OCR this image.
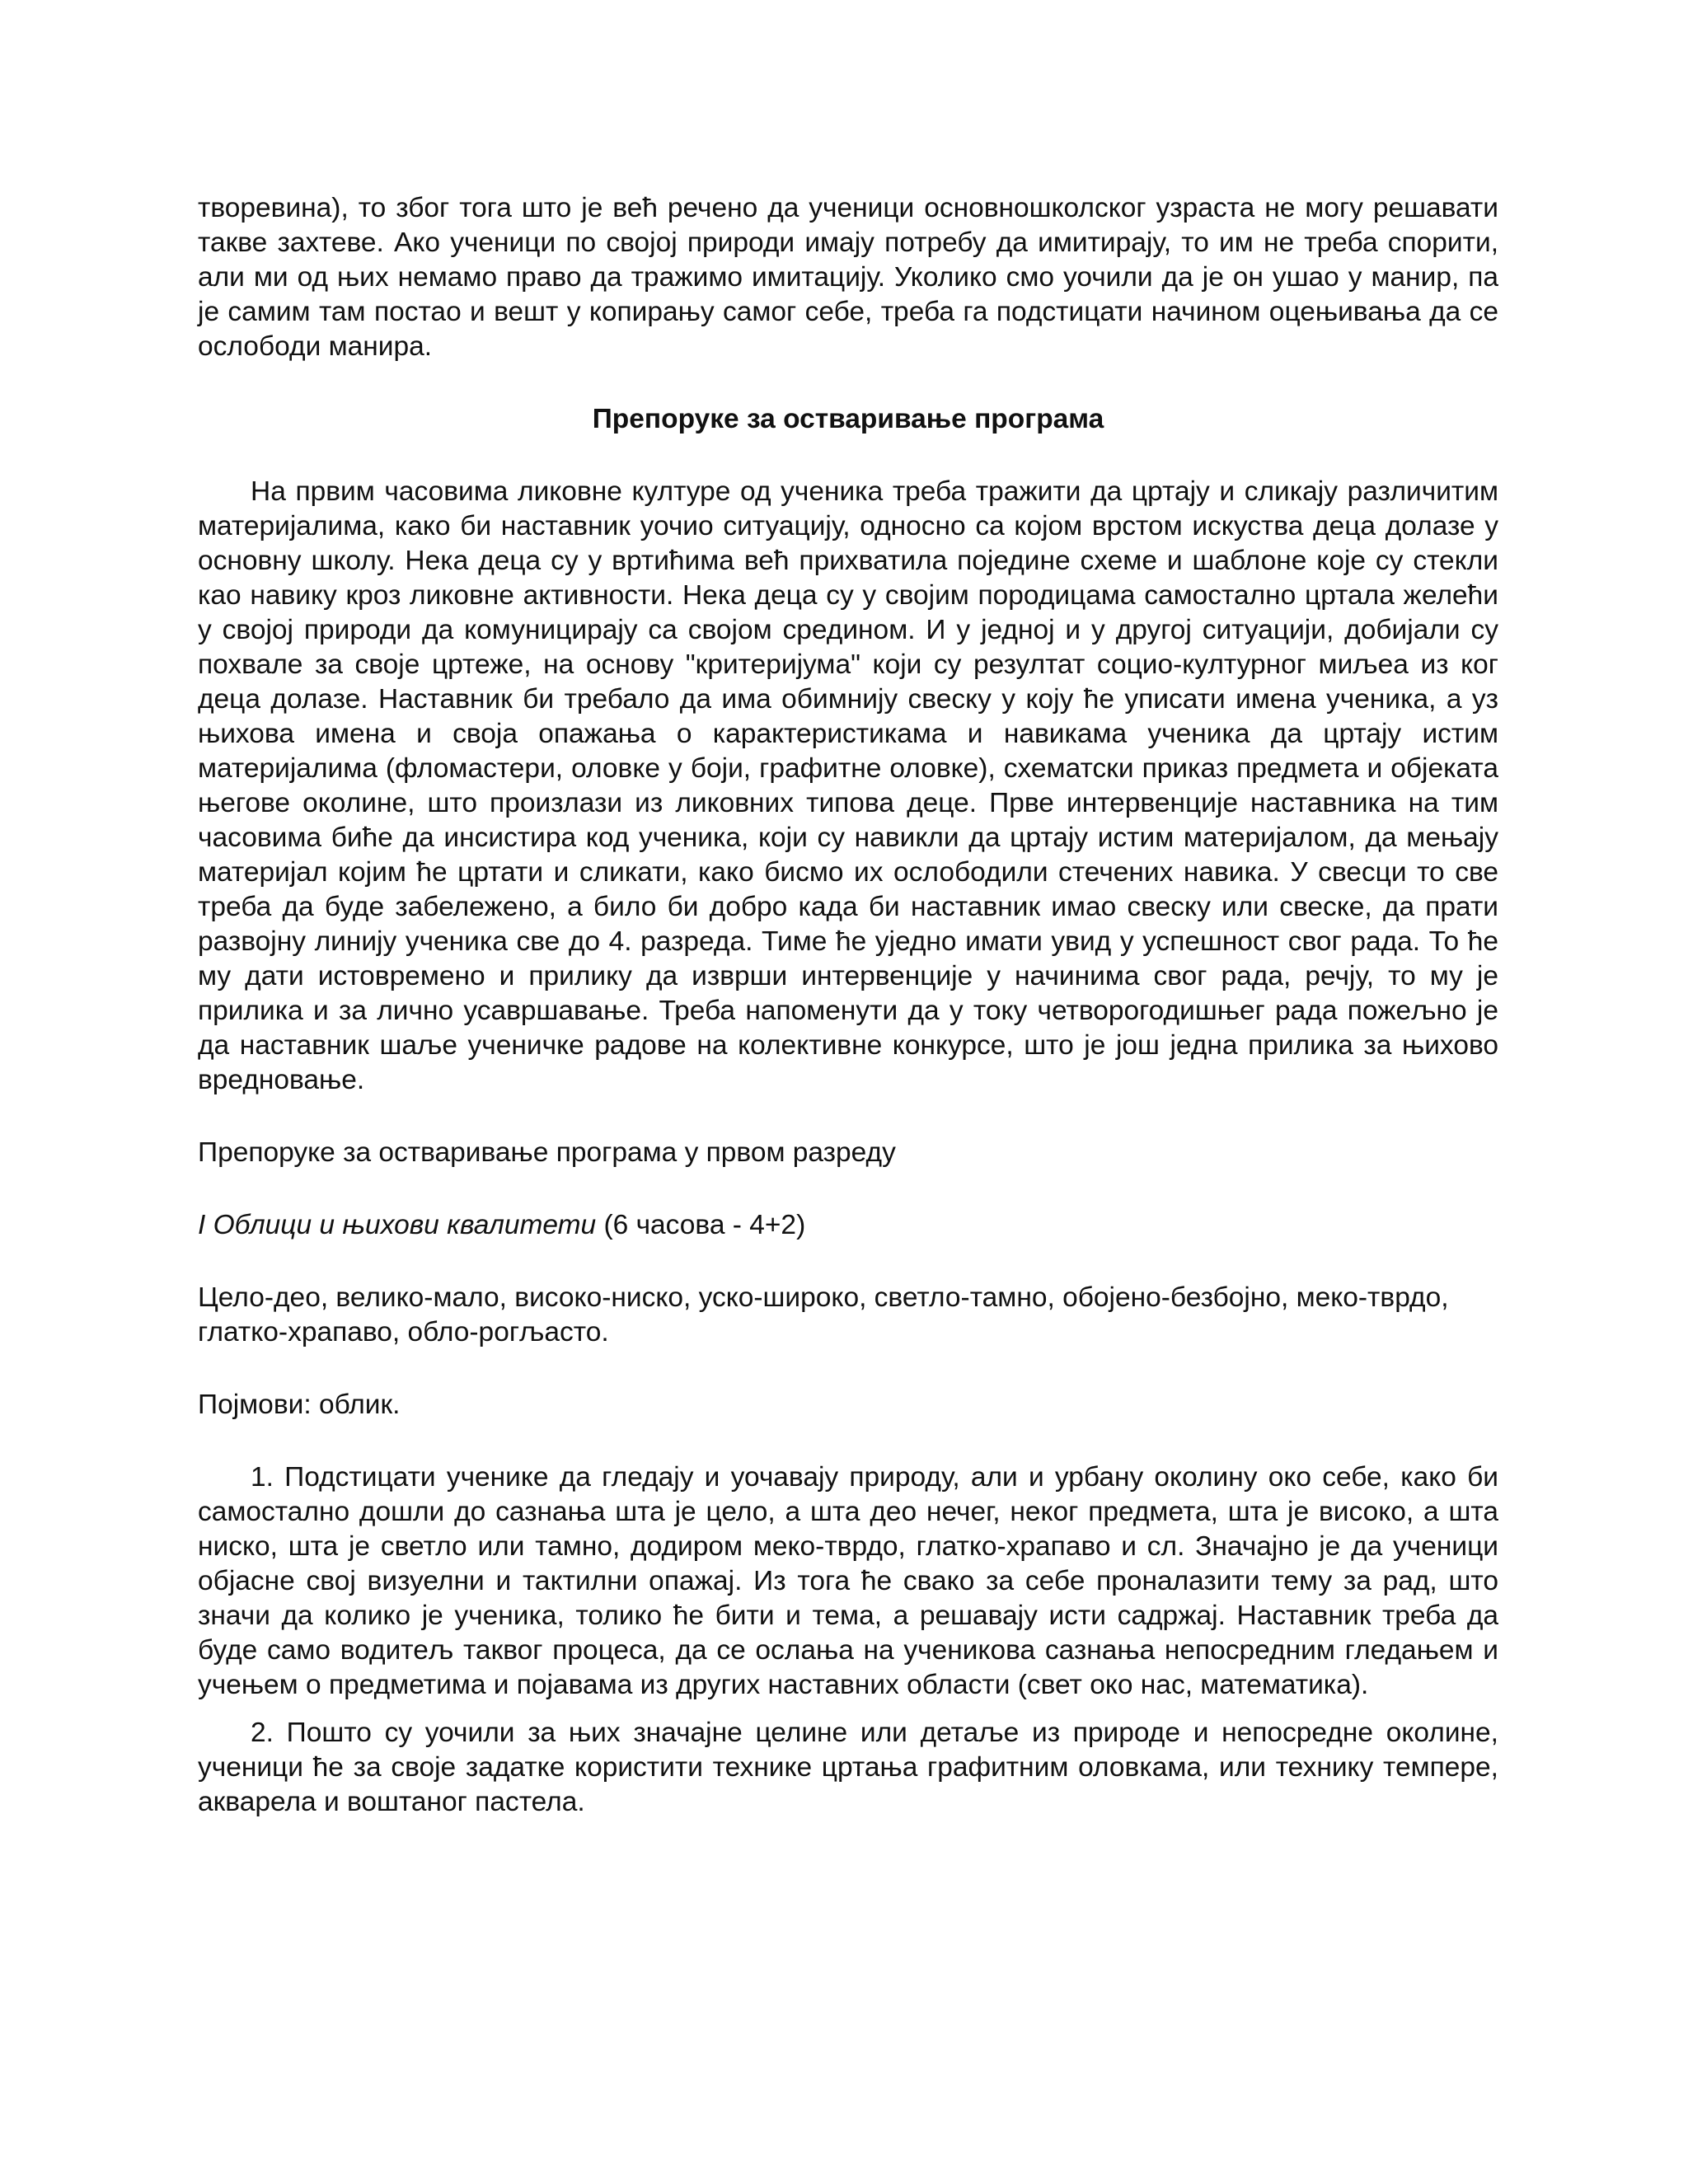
творевина), то због тога што је већ речено да ученици основношколског узраста не могу решавати такве захтеве. Ако ученици по својој природи имају потребу да имитирају, то им не треба спорити, али ми од њих немамо право да тражимо имитацију. Уколико смо уочили да је он ушао у манир, па је самим там постао и вешт у копирању самог себе, треба га подстицати начином оцењивања да се ослободи манира.

Препоруке за остваривање програма

На првим часовима ликовне културе од ученика треба тражити да цртају и сликају различитим материјалима, како би наставник уочио ситуацију, односно са којом врстом искуства деца долазе у основну школу. Нека деца су у вртићима већ прихватила поједине схеме и шаблоне које су стекли као навику кроз ликовне активности. Нека деца су у својим породицама самостално цртала желећи у својој природи да комуницирају са својом средином. И у једној и у другој ситуацији, добијали су похвале за своје цртеже, на основу "критеријума" који су резултат социо-културног миљеа из ког деца долазе. Наставник би требало да има обимнију свеску у коју ће уписати имена ученика, а уз њихова имена и своја опажања о карактеристикама и навикама ученика да цртају истим материјалима (фломастери, оловке у боји, графитне оловке), схематски приказ предмета и објеката његове околине, што произлази из ликовних типова деце. Прве интервенције наставника на тим часовима биће да инсистира код ученика, који су навикли да цртају истим материјалом, да мењају материјал којим ће цртати и сликати, како бисмо их ослободили стечених навика. У свесци то све треба да буде забележено, а било би добро када би наставник имао свеску или свеске, да прати развојну линију ученика све до 4. разреда. Тиме ће уједно имати увид у успешност свог рада. То ће му дати истовремено и прилику да изврши интервенције у начинима свог рада, речју, то му је прилика и за лично усавршавање. Треба напоменути да у току четворогодишњег рада пожељно је да наставник шаље ученичке радове на колективне конкурсе, што је још једна прилика за њихово вредновање.

Препоруке за остваривање програма у првом разреду

I Облици и њихови квалитети (6 часова - 4+2)

Цело-део, велико-мало, високо-ниско, уско-широко, светло-тамно, обојено-безбојно, меко-тврдо, глатко-храпаво, обло-рогљасто.

Појмови: облик.

1. Подстицати ученике да гледају и уочавају природу, али и урбану околину око себе, како би самостално дошли до сазнања шта је цело, а шта део нечег, неког предмета, шта је високо, а шта ниско, шта је светло или тамно, додиром меко-тврдо, глатко-храпаво и сл. Значајно је да ученици објасне свој визуелни и тактилни опажај. Из тога ће свако за себе проналазити тему за рад, што значи да колико је ученика, толико ће бити и тема, а решавају исти садржај. Наставник треба да буде само водитељ таквог процеса, да се ослања на ученикова сазнања непосредним гледањем и учењем о предметима и појавама из других наставних области (свет око нас, математика).

2. Пошто су уочили за њих значајне целине или детаље из природе и непосредне околине, ученици ће за своје задатке користити технике цртања графитним оловкама, или технику темпере, акварела и воштаног пастела.
